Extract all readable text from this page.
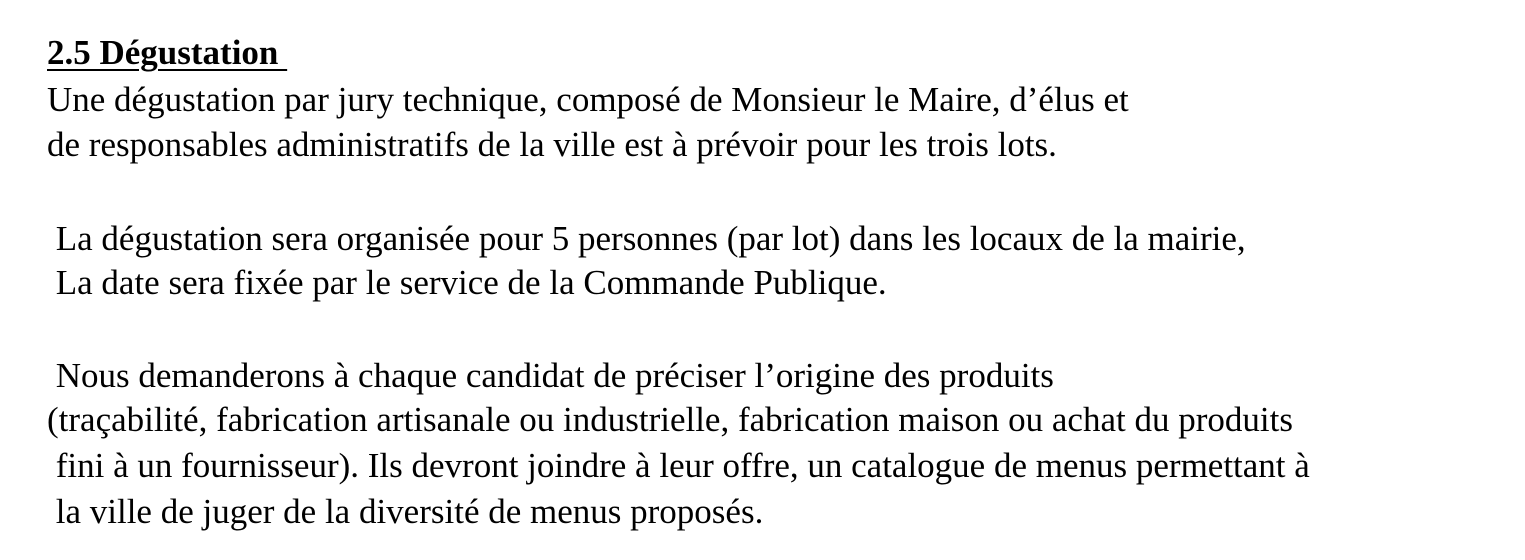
2.5 Dégustation
Une dégustation par jury technique, composé de Monsieur le Maire, d’élus et
de responsables administratifs de la ville est à prévoir pour les trois lots.
La dégustation sera organisée pour 5 personnes (par lot) dans les locaux de la mairie,
La date sera fixée par le service de la Commande Publique.
Nous demanderons à chaque candidat de préciser l’origine des produits
(traçabilité, fabrication artisanale ou industrielle, fabrication maison ou achat du produits
fini à un fournisseur). Ils devront joindre à leur offre, un catalogue de menus permettant à
la ville de juger de la diversité de menus proposés.
